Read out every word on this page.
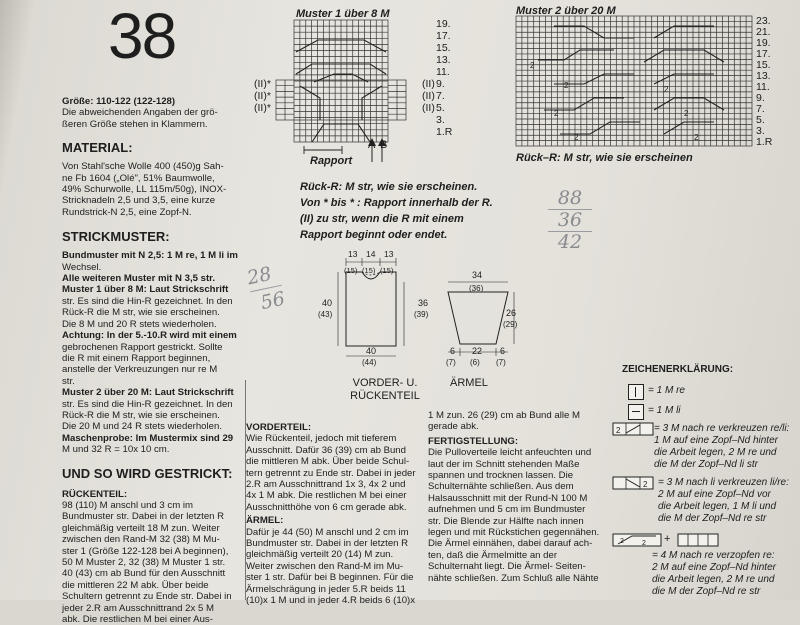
38
Größe: 110-122 (122-128)
Die abweichenden Angaben der grö-
ßeren Größe stehen in Klammern.
MATERIAL:
Von Stahl'sche Wolle 400 (450)g Sah-
ne Fb 1604 („Olé", 51% Baumwolle,
49% Schurwolle, LL 115m/50g), INOX-
Stricknadeln 2,5 und 3,5, eine kurze
Rundstrick-N 2,5, eine Zopf-N.
STRICKMUSTER:
Bundmuster mit N 2,5: 1 M re, 1 M li im
Wechsel.
Alle weiteren Muster mit N 3,5 str.
Muster 1 über 8 M: Laut Strickschrift
str. Es sind die Hin-R gezeichnet. In den
Rück-R die M str, wie sie erscheinen.
Die 8 M und 20 R stets wiederholen.
Achtung: In der 5.-10.R wird mit einem
gebrochenen Rapport gestrickt. Sollte
die R mit einem Rapport beginnen,
anstelle der Verkreuzungen nur re M
str.
Muster 2 über 20 M: Laut Strickschrift
str. Es sind die Hin-R gezeichnet. In den
Rück-R die M str, wie sie erscheinen.
Die 20 M und 24 R stets wiederholen.
Maschenprobe: Im Mustermix sind 29
M und 32 R = 10x 10 cm.
UND SO WIRD GESTRICKT:
RÜCKENTEIL:
98 (110) M anschl und 3 cm im
Bundmuster str. Dabei in der letzten R
gleichmäßig verteilt 18 M zun. Weiter
zwischen den Rand-M 32 (38) M Mu-
ster 1 (Größe 122-128 bei A beginnen),
50 M Muster 2, 32 (38) M Muster 1 str.
40 (43) cm ab Bund für den Ausschnitt
die mittleren 22 M abk. Über beide
Schultern getrennt zu Ende str. Dabei in
jeder 2.R am Ausschnittrand 2x 5 M
abk. Die restlichen M bei einer Aus-
Muster 1 über 8 M
19.
17.
15.
13.
11.
9.
7.
5.
3.
1.R
(II)
(II)
(II)
(II)*
(II)*
(II)*
Rapport
A B
Rück-R: M str, wie sie erscheinen.
Von * bis * : Rapport innerhalb der R.
(II) zu str, wenn die R mit einem
Rapport beginnt oder endet.
Muster 2 über 20 M
2
2	2
2	2
2	2
23.
21.
19.
17.
15.
13.
11.
9.
7.
5.
3.
1.R
Rück–R: M str, wie sie erscheinen
88
36
42
28
56
13 14 13
(15) (15) (15)
40
(43)
36
(39)
40
(44)
VORDER- U.
RÜCKENTEIL
34
(36)
26
(29)
6 22 6
(7) (6) (7)
ÄRMEL
VORDERTEIL:
Wie Rückenteil, jedoch mit tieferem
Ausschnitt. Dafür 36 (39) cm ab Bund
die mittleren M abk. Über beide Schul-
tern getrennt zu Ende str. Dabei in jeder
2.R am Ausschnittrand 1x 3, 4x 2 und
4x 1 M abk. Die restlichen M bei einer
Ausschnitthöhe von 6 cm gerade abk.
ÄRMEL:
Dafür je 44 (50) M anschl und 2 cm im
Bundmuster str. Dabei in der letzten R
gleichmäßig verteilt 20 (14) M zun.
Weiter zwischen den Rand-M im Mu-
ster 1 str. Dafür bei B beginnen. Für die
Ärmelschrägung in jeder 5.R beids 11
(10)x 1 M und in jeder 4.R beids 6 (10)x
1 M zun. 26 (29) cm ab Bund alle M
gerade abk.
FERTIGSTELLUNG:
Die Pulloverteile leicht anfeuchten und
laut der im Schnitt stehenden Maße
spannen und trocknen lassen. Die
Schulternähte schließen. Aus dem
Halsausschnitt mit der Rund-N 100 M
aufnehmen und 5 cm im Bundmuster
str. Die Blende zur Hälfte nach innen
legen und mit Rückstichen gegennähen.
Die Ärmel einnähen, dabei darauf ach-
ten, daß die Ärmelmitte an der
Schulternaht liegt. Die Ärmel- Seiten-
nähte schließen. Zum Schluß alle Nähte
ZEICHENERKLÄRUNG:
= 1 M re
= 1 M li
2	= 3 M nach re verkreuzen re/li:
1 M auf eine Zopf–Nd hinter
die Arbeit legen, 2 M re und
die M der Zopf–Nd li str
2 = 3 M nach li verkreuzen li/re:
2 M auf eine Zopf–Nd vor
die Arbeit legen, 1 M li und
die M der Zopf–Nd re str
2	2 +
= 4 M nach re verzopfen re:
2 M auf eine Zopf–Nd hinter
die Arbeit legen, 2 M re und
die M der Zopf–Nd re str
